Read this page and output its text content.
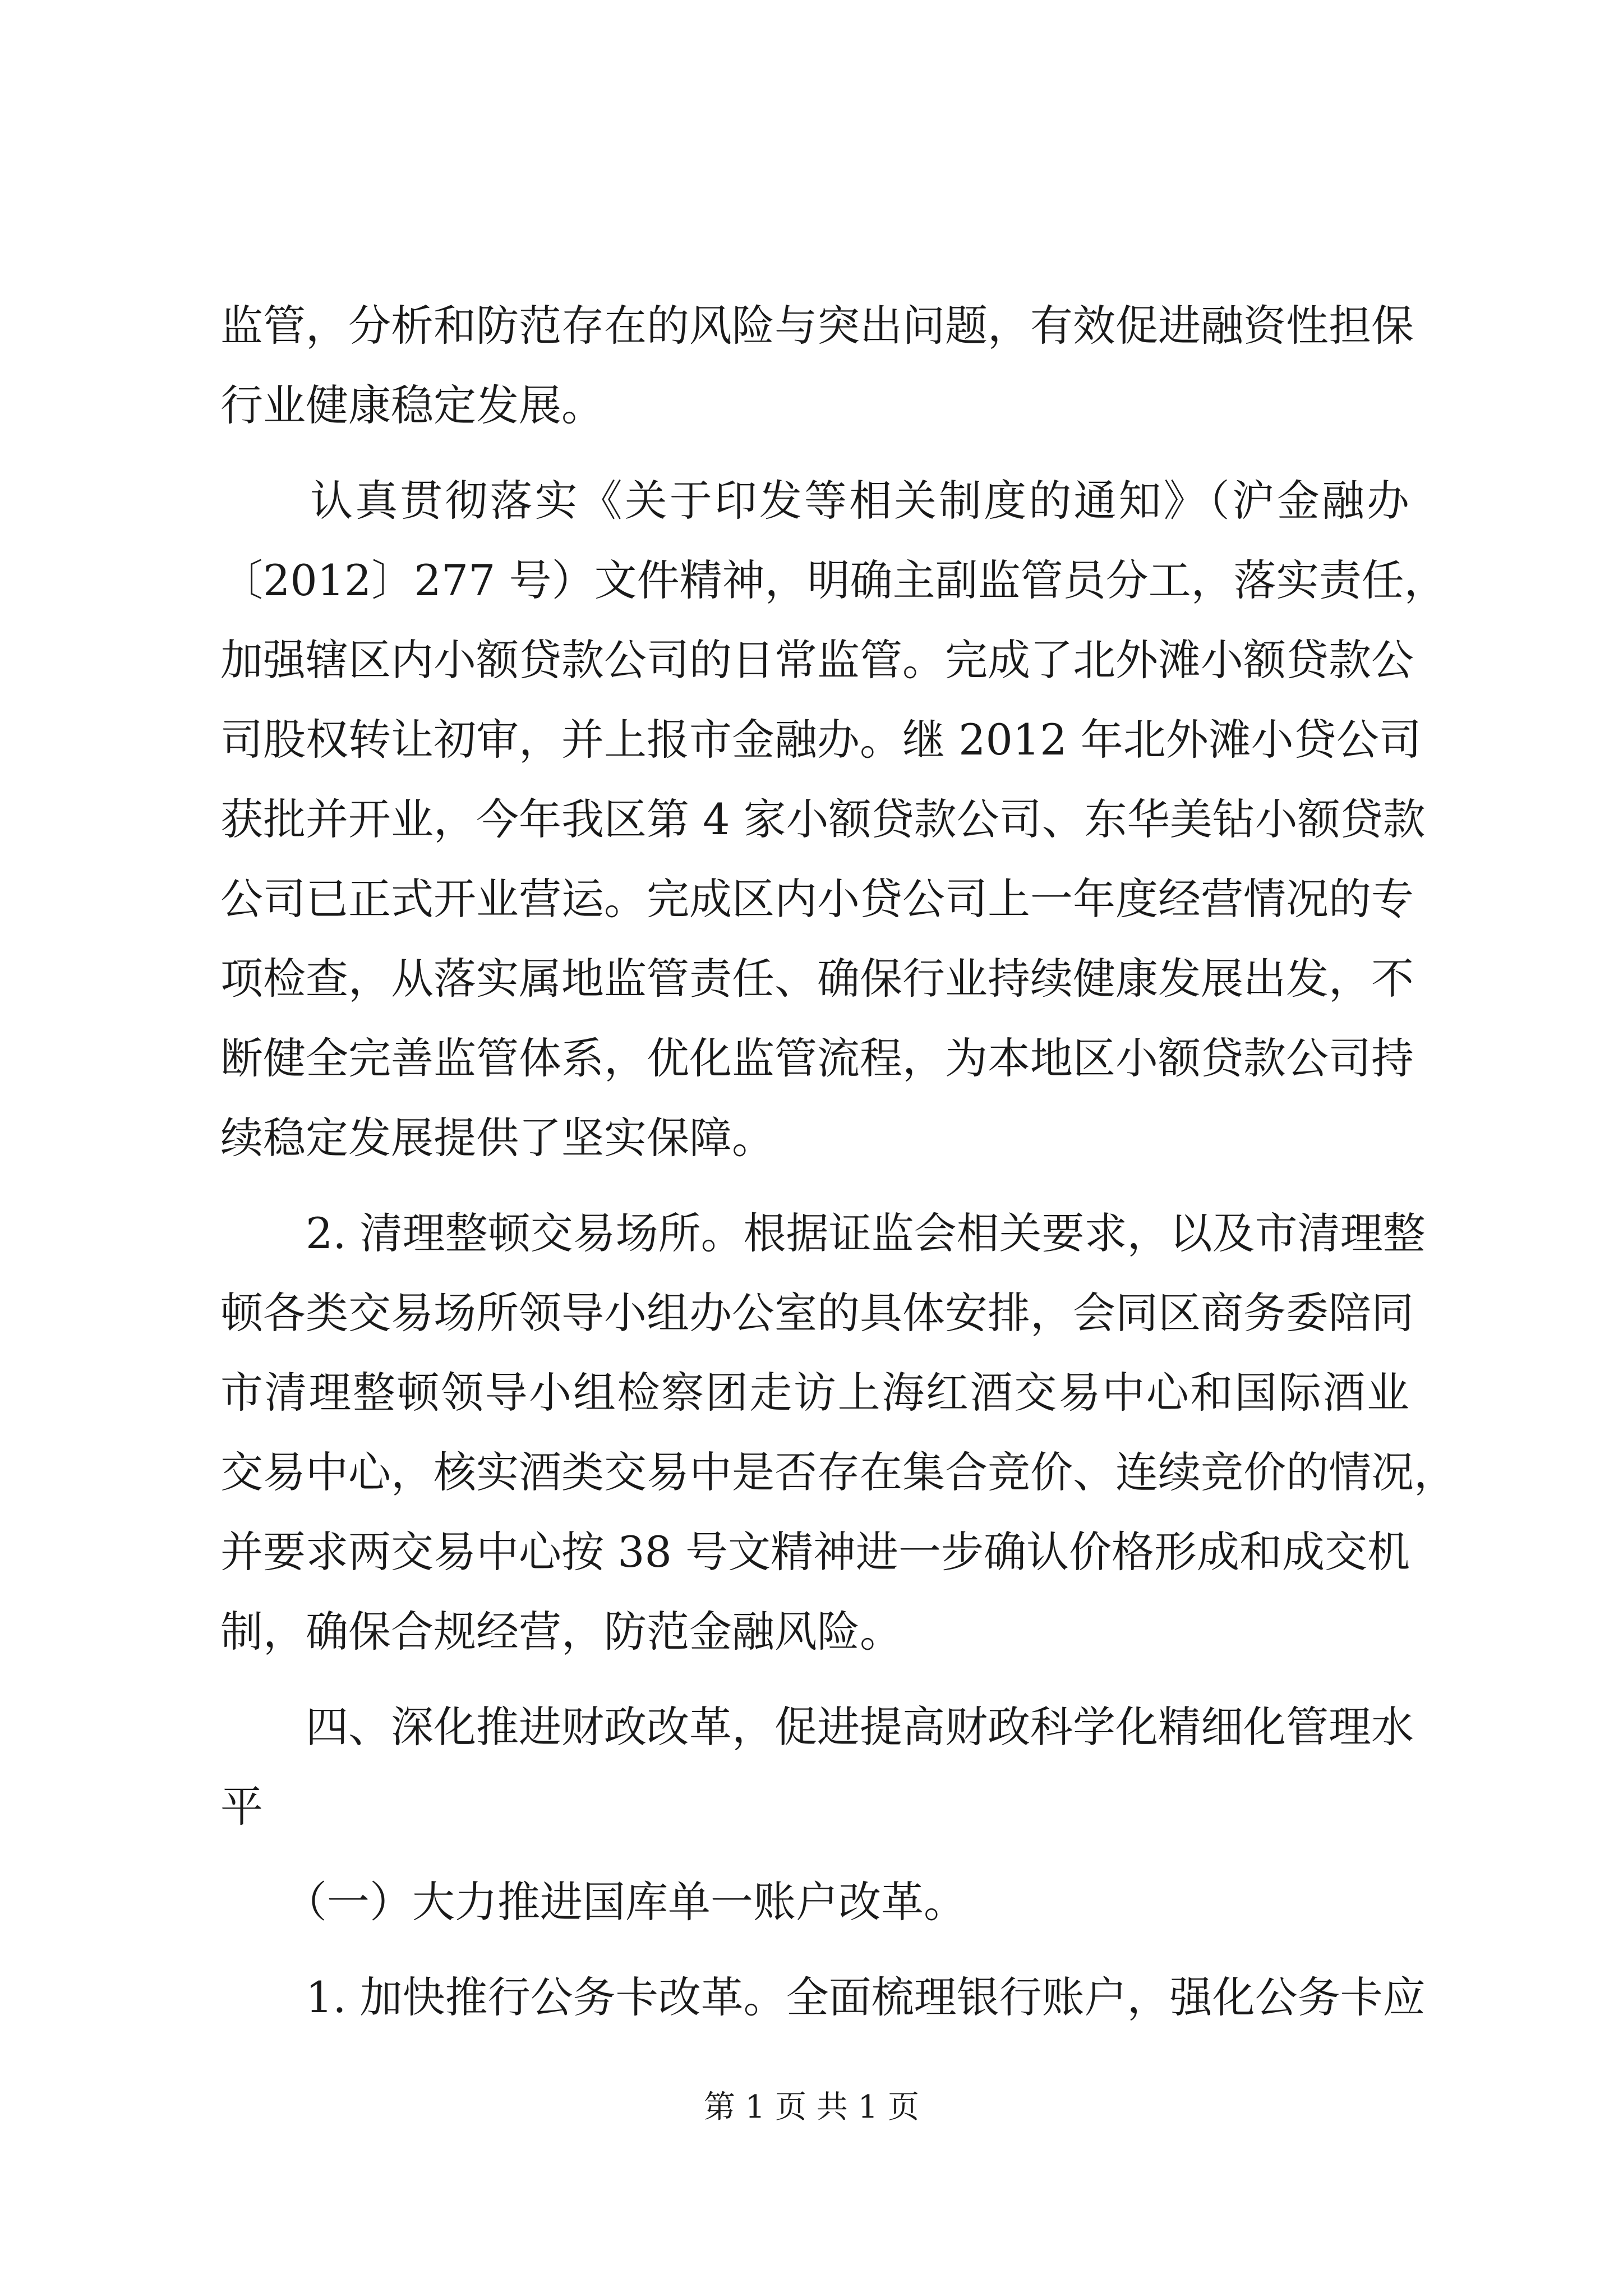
监管，分析和防范存在的风险与突出问题，有效促进融资性担保
行业健康稳定发展。
　　认真贯彻落实《关于印发等相关制度的通知》（沪金融办
〔2012〕277 号）文件精神，明确主副监管员分工，落实责任，
加强辖区内小额贷款公司的日常监管。完成了北外滩小额贷款公
司股权转让初审，并上报市金融办。继 2012 年北外滩小贷公司
获批并开业，今年我区第 4 家小额贷款公司、东华美钻小额贷款
公司已正式开业营运。完成区内小贷公司上一年度经营情况的专
项检查，从落实属地监管责任、确保行业持续健康发展出发，不
断健全完善监管体系，优化监管流程，为本地区小额贷款公司持
续稳定发展提供了坚实保障。
　　2. 清理整顿交易场所。根据证监会相关要求，以及市清理整
顿各类交易场所领导小组办公室的具体安排，会同区商务委陪同
市清理整顿领导小组检察团走访上海红酒交易中心和国际酒业
交易中心，核实酒类交易中是否存在集合竞价、连续竞价的情况，
并要求两交易中心按 38 号文精神进一步确认价格形成和成交机
制，确保合规经营，防范金融风险。
　　四、深化推进财政改革，促进提高财政科学化精细化管理水
平
　　（一）大力推进国库单一账户改革。
　　1. 加快推行公务卡改革。全面梳理银行账户，强化公务卡应
第 1 页 共 1 页
